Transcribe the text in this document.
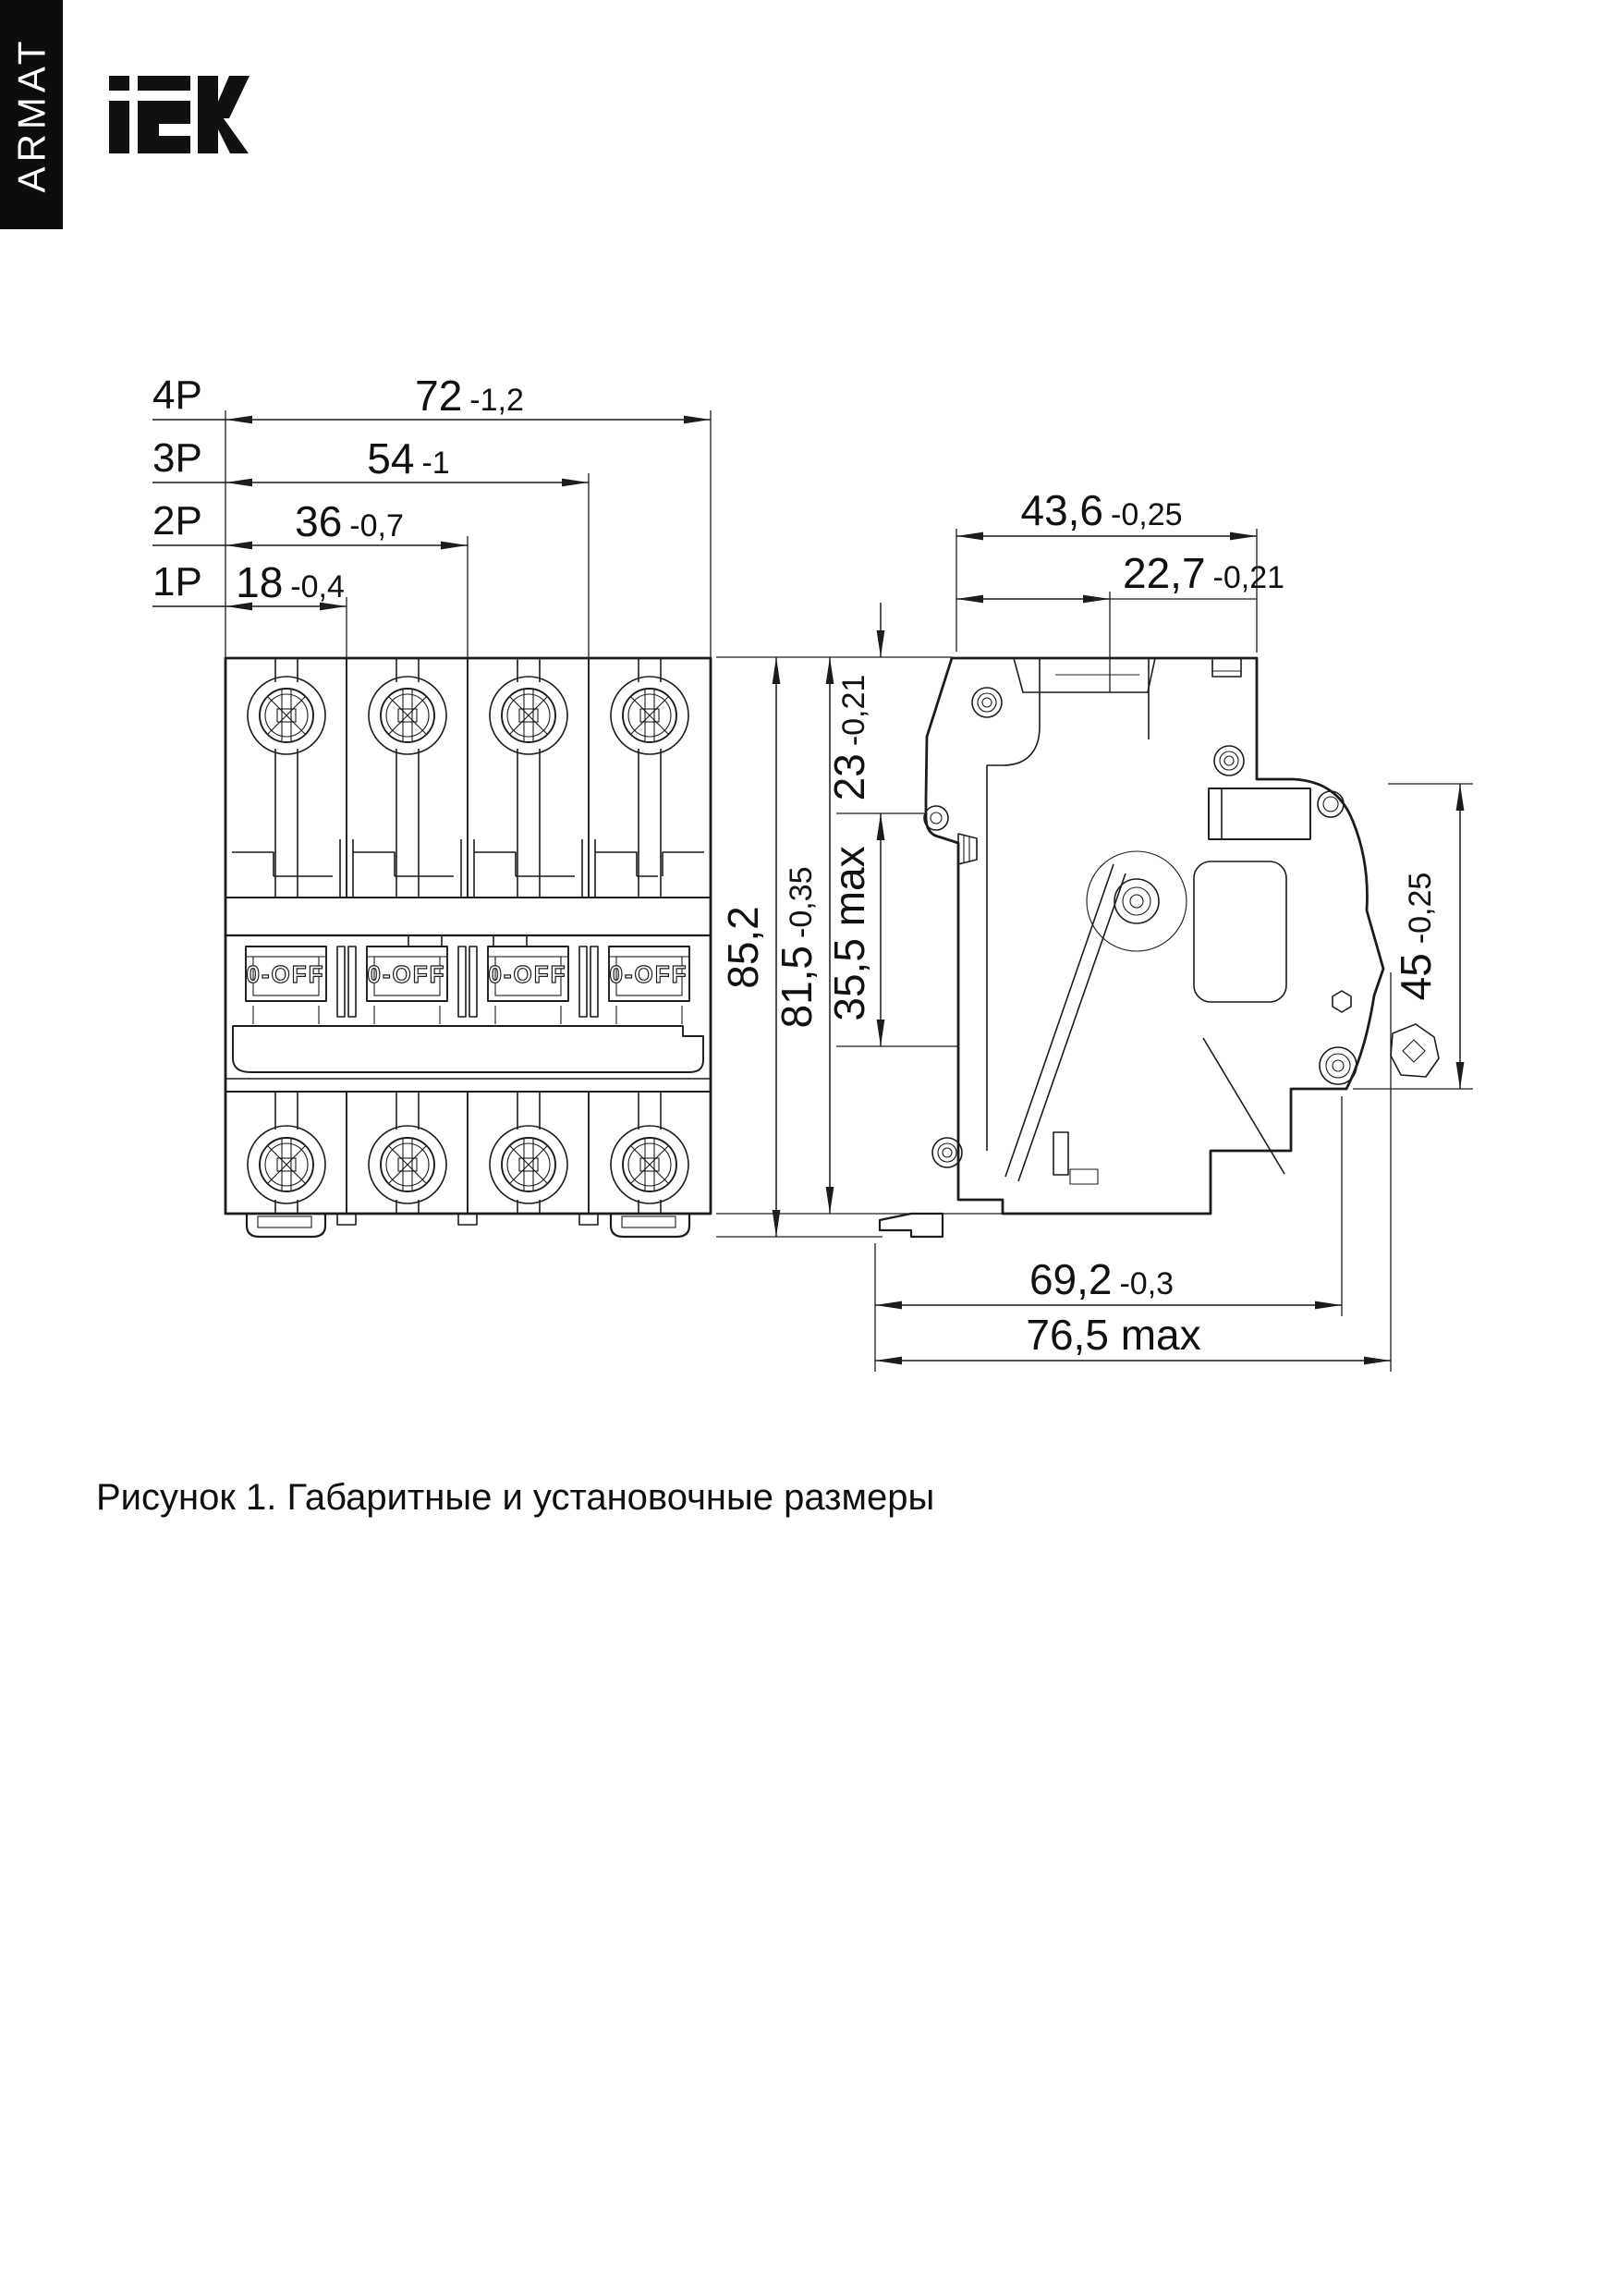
ARMAT
0-OFF 0-OFF 0-OFF 0-OFF
4P	72 -1,2
3P	54 -1
2P 36 -0,7
1P 18 -0,4
85,2 81,5-0,35
43,6 -0,25
22,7 -0,21
23-0,21
35,5 max	45-0,25
69,2 -0,3
76,5 max
Рисунок 1. Габаритные и установочные размеры
